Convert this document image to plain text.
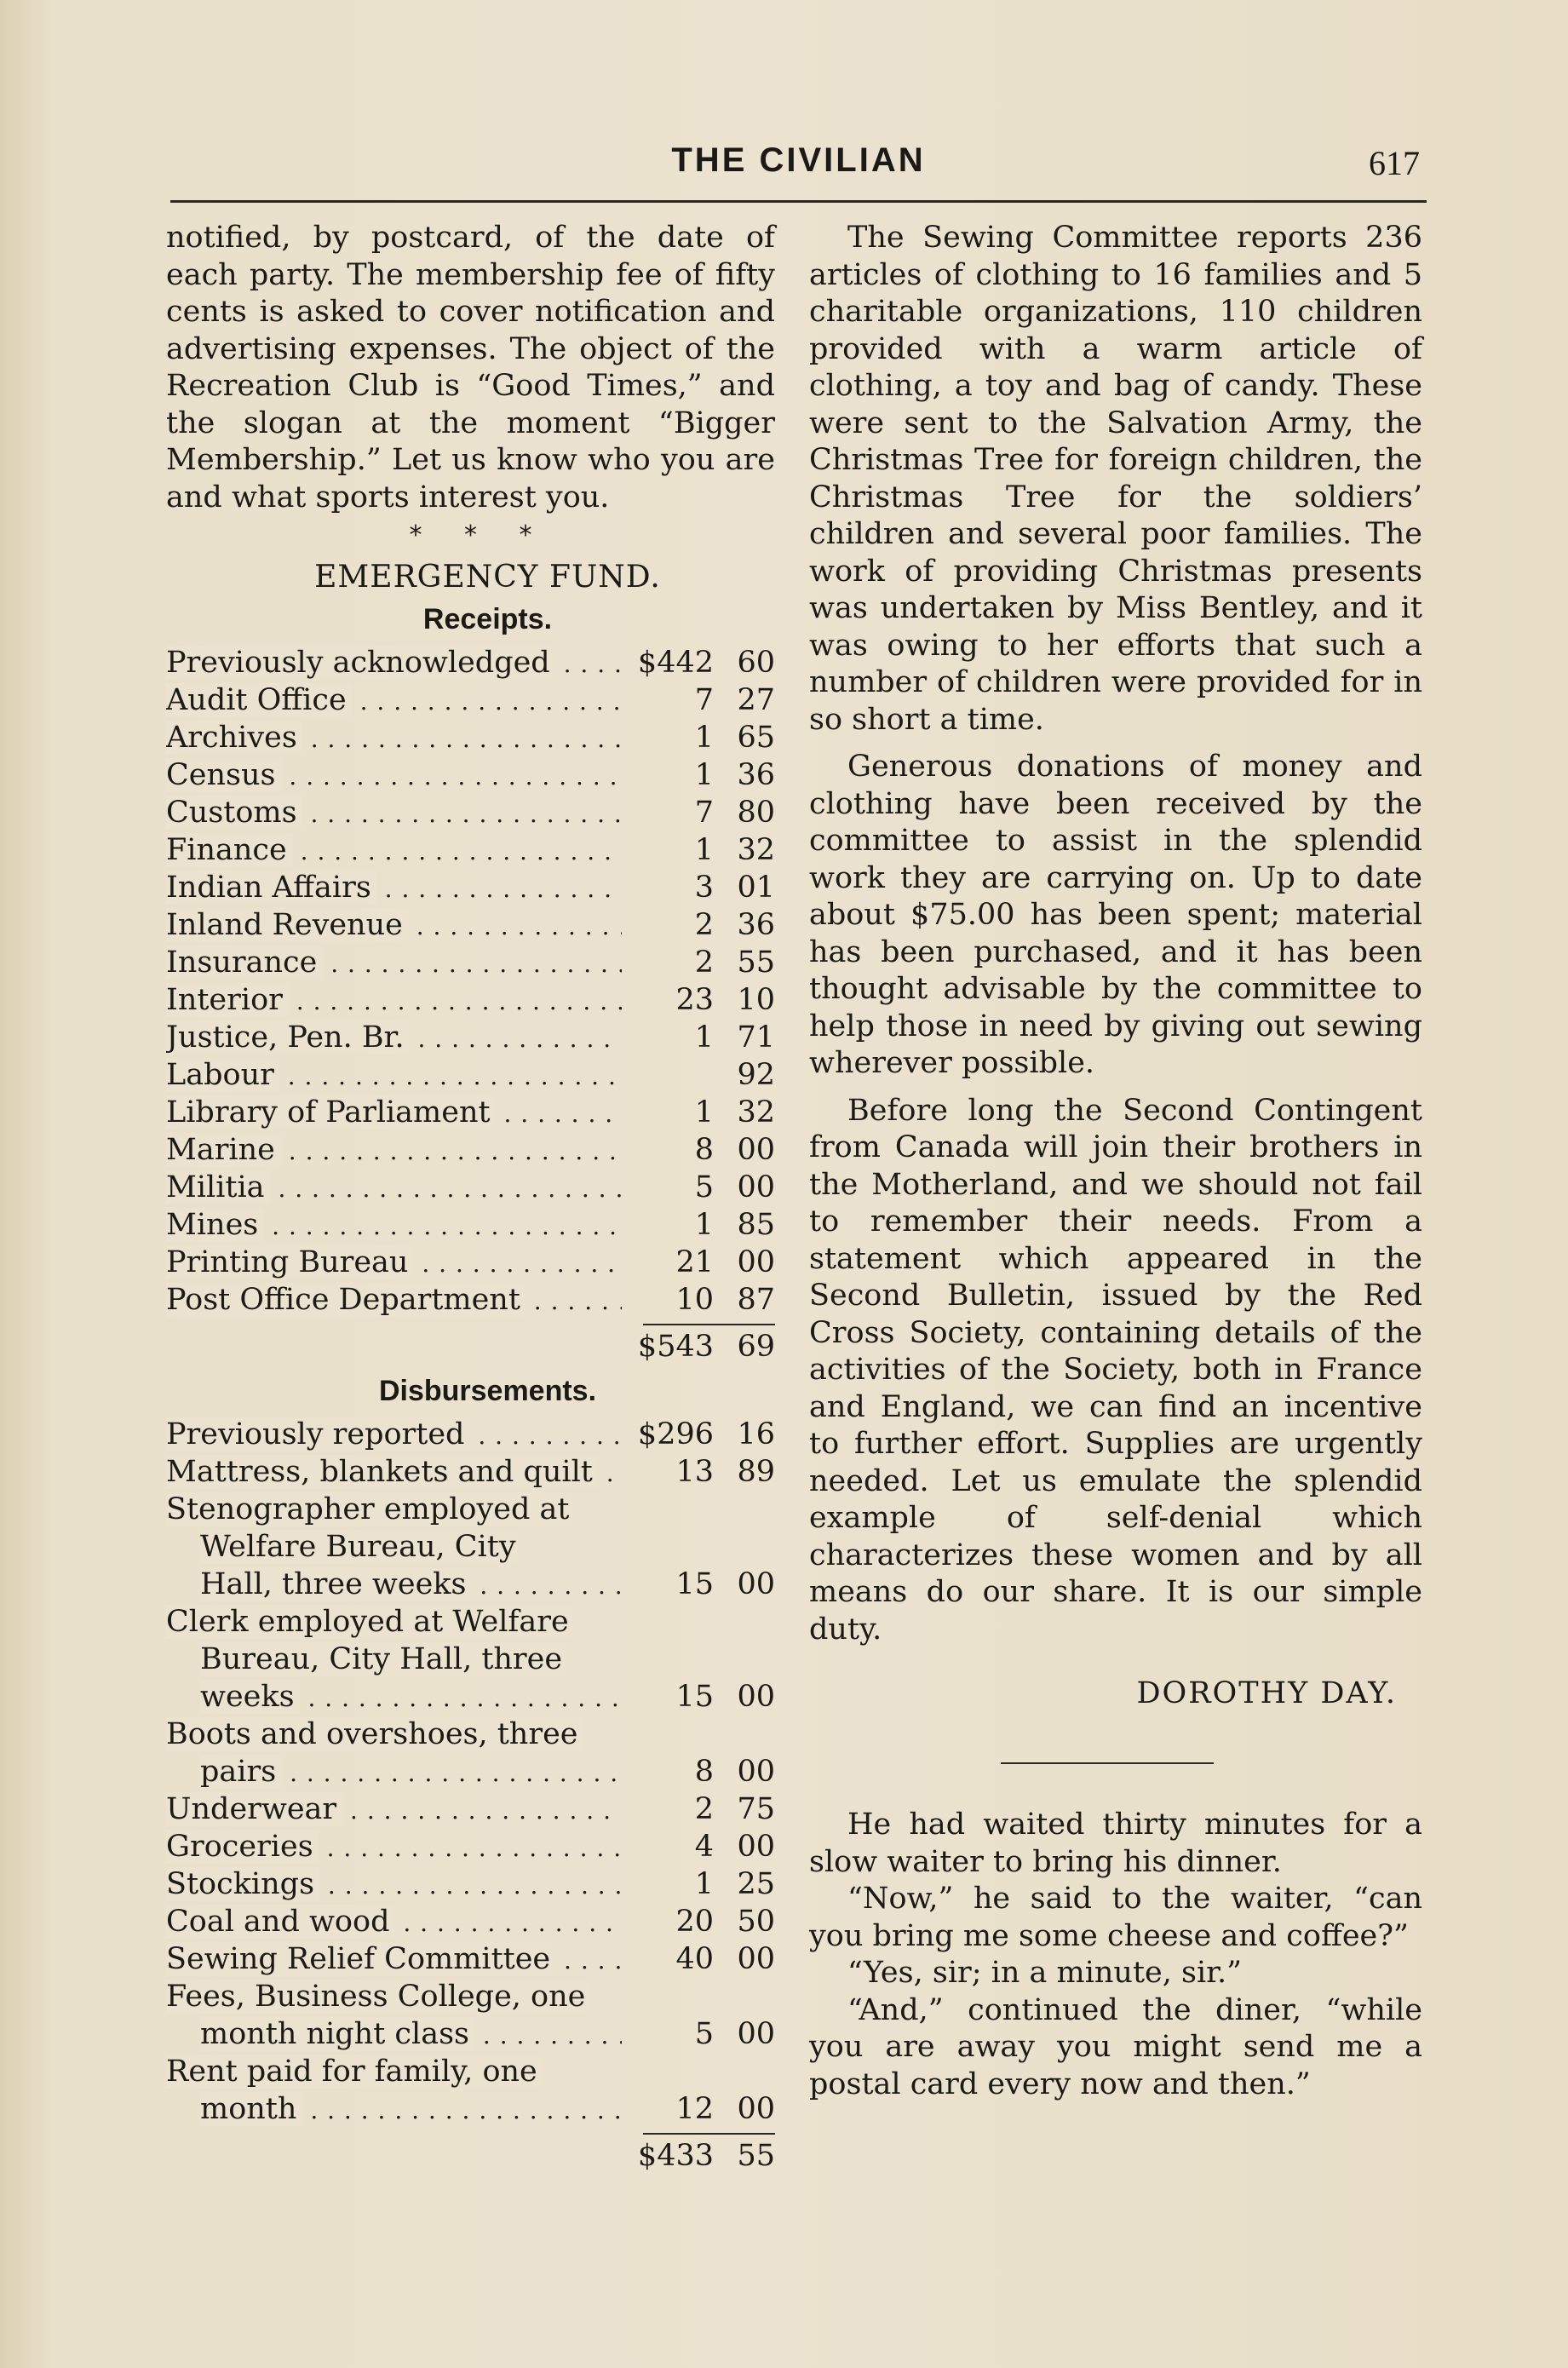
THE CIVILIAN	617

notified, by postcard, of the date of each party. The membership fee of fifty cents is asked to cover notification and advertising expenses. The object of the Recreation Club is “Good Times,” and the slogan at the moment “Bigger Membership.” Let us know who you are and what sports interest you.

* * *
EMERGENCY FUND.
Receipts.
Previously acknowledged . . .	$442 60
Audit Office . . .	7 27
Archives . . .	1 65
Census . . .	1 36
Customs . . .	7 80
Finance . . .	1 32
Indian Affairs . . .	3 01
Inland Revenue . . .	2 36
Insurance . . .	2 55
Interior . . .	23 10
Justice, Pen. Br. . . .	1 71
Labour . . .	92
Library of Parliament . . .	1 32
Marine . . .	8 00
Militia . . .	5 00
Mines . . .	1 85
Printing Bureau . . .	21 00
Post Office Department . . .	10 87
$543 69
Disbursements.
Previously reported . . .	$296 16
Mattress, blankets and quilt . . .	13 89
Stenographer employed at
Welfare Bureau, City
Hall, three weeks . . .	15 00
Clerk employed at Welfare
Bureau, City Hall, three
weeks . . .	15 00
Boots and overshoes, three
pairs . . .	8 00
Underwear . . .	2 75
Groceries . . .	4 00
Stockings . . .	1 25
Coal and wood . . .	20 50
Sewing Relief Committee . . .	40 00
Fees, Business College, one
month night class . . .	5 00
Rent paid for family, one
month . . .	12 00
$433 55

The Sewing Committee reports 236 articles of clothing to 16 families and 5 charitable organizations, 110 children provided with a warm article of clothing, a toy and bag of candy. These were sent to the Salvation Army, the Christmas Tree for foreign children, the Christmas Tree for the soldiers’ children and several poor families. The work of providing Christmas presents was undertaken by Miss Bentley, and it was owing to her efforts that such a number of children were provided for in so short a time.

Generous donations of money and clothing have been received by the committee to assist in the splendid work they are carrying on. Up to date about $75.00 has been spent; material has been purchased, and it has been thought advisable by the committee to help those in need by giving out sewing wherever possible.

Before long the Second Contingent from Canada will join their brothers in the Motherland, and we should not fail to remember their needs. From a statement which appeared in the Second Bulletin, issued by the Red Cross Society, containing details of the activities of the Society, both in France and England, we can find an incentive to further effort. Supplies are urgently needed. Let us emulate the splendid example of self-denial which characterizes these women and by all means do our share. It is our simple duty.

DOROTHY DAY.

He had waited thirty minutes for a slow waiter to bring his dinner.

“Now,” he said to the waiter, “can you bring me some cheese and coffee?”

“Yes, sir; in a minute, sir.”

“And,” continued the diner, “while you are away you might send me a postal card every now and then.”
